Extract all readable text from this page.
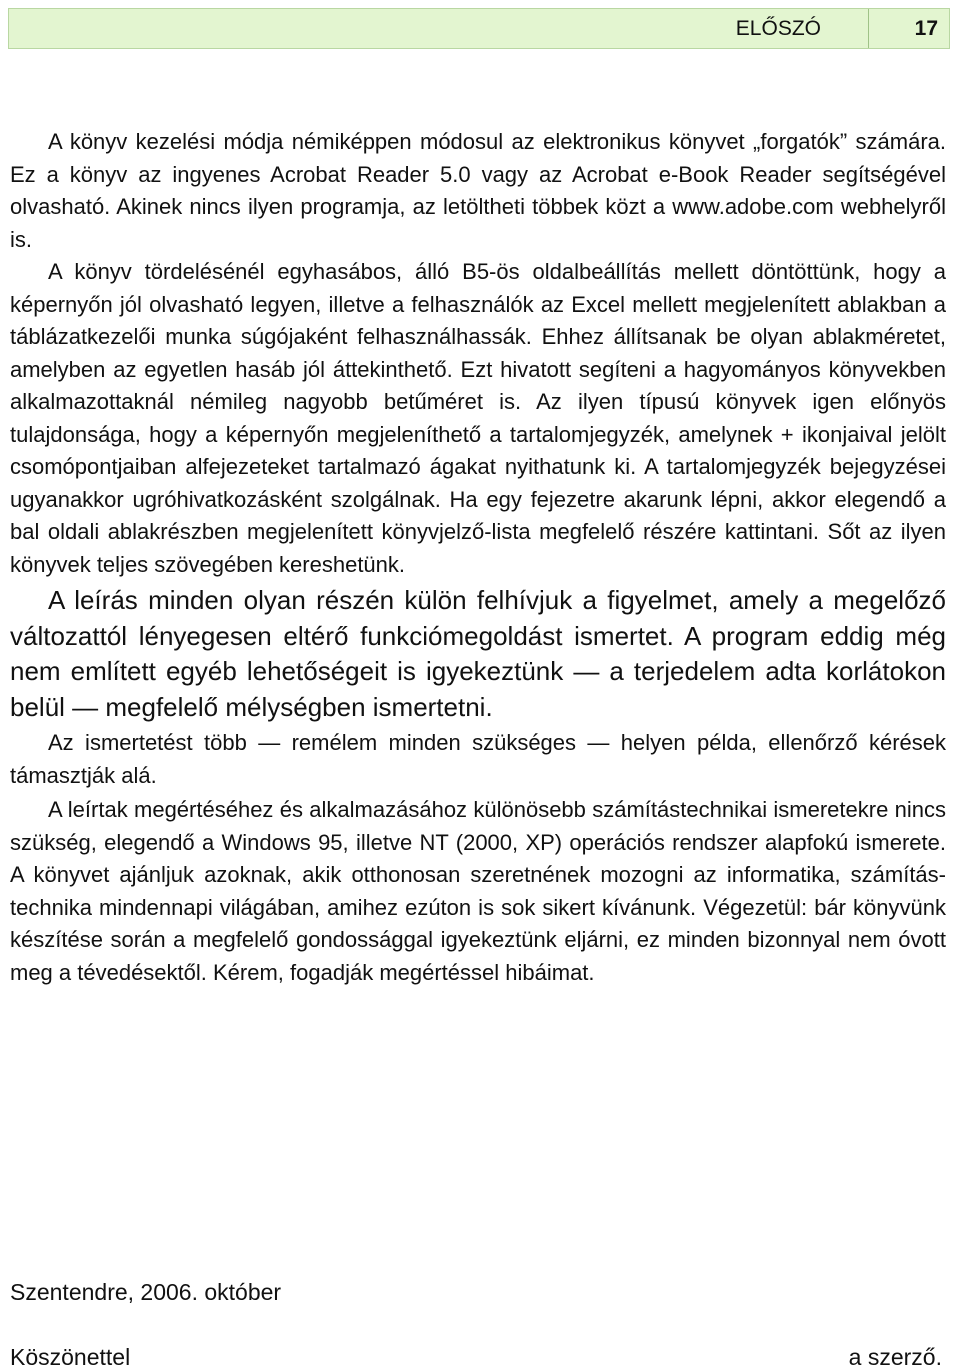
ELŐSZÓ	17

A könyv kezelési módja némiképpen módosul az elektronikus könyvet „forgatók” számára. Ez a könyv az ingyenes Acrobat Reader 5.0 vagy az Acrobat e-Book Reader segítségével olvasható. Akinek nincs ilyen programja, az letöltheti többek közt a www.adobe.com webhelyről is.

A könyv tördelésénél egyhasábos, álló B5-ös oldalbeállítás mellett döntöttünk, hogy a képernyőn jól olvasható legyen, illetve a felhasználók az Excel mellett megjelenített ablakban a táblázatkezelői munka súgójaként felhasználhassák. Ehhez állítsanak be olyan ablakméretet, amelyben az egyetlen hasáb jól áttekinthető. Ezt hivatott segíteni a hagyományos könyvekben alkalmazottaknál némileg nagyobb betűméret is. Az ilyen típusú könyvek igen előnyös tulajdonsága, hogy a képernyőn megjeleníthető a tartalomjegyzék, amelynek + ikonjaival jelölt csomópontjaiban alfejezeteket tartalmazó ágakat nyithatunk ki. A tartalomjegyzék bejegyzései ugyanakkor ugróhivatkozásként szolgálnak. Ha egy fejezetre akarunk lépni, akkor elegendő a bal oldali ablakrészben megjelenített könyvjelző-lista megfelelő részére kattintani. Sőt az ilyen könyvek teljes szövegében kereshetünk.

A leírás minden olyan részén külön felhívjuk a figyelmet, amely a megelőző változattól lényegesen eltérő funkciómegoldást ismertet. A program eddig még nem említett egyéb lehetőségeit is igyekeztünk — a terjedelem adta korlátokon belül — megfelelő mélységben ismertetni.

Az ismertetést több — remélem minden szükséges — helyen példa, ellenőrző kérések támasztják alá.

A leírtak megértéséhez és alkalmazásához különösebb számítástechnikai ismeretekre nincs szükség, elegendő a Windows 95, illetve NT (2000, XP) operációs rendszer alapfokú ismerete. A könyvet ajánljuk azoknak, akik otthonosan szeretnének mozogni az informatika, számítástechnika mindennapi világában, amihez ezúton is sok sikert kívánunk. Végezetül: bár könyvünk készítése során a megfelelő gondossággal igyekeztünk eljárni, ez minden bizonnyal nem óvott meg a tévedésektől. Kérem, fogadják megértéssel hibáimat.

Szentendre, 2006. október
Köszönettel	a szerző.
